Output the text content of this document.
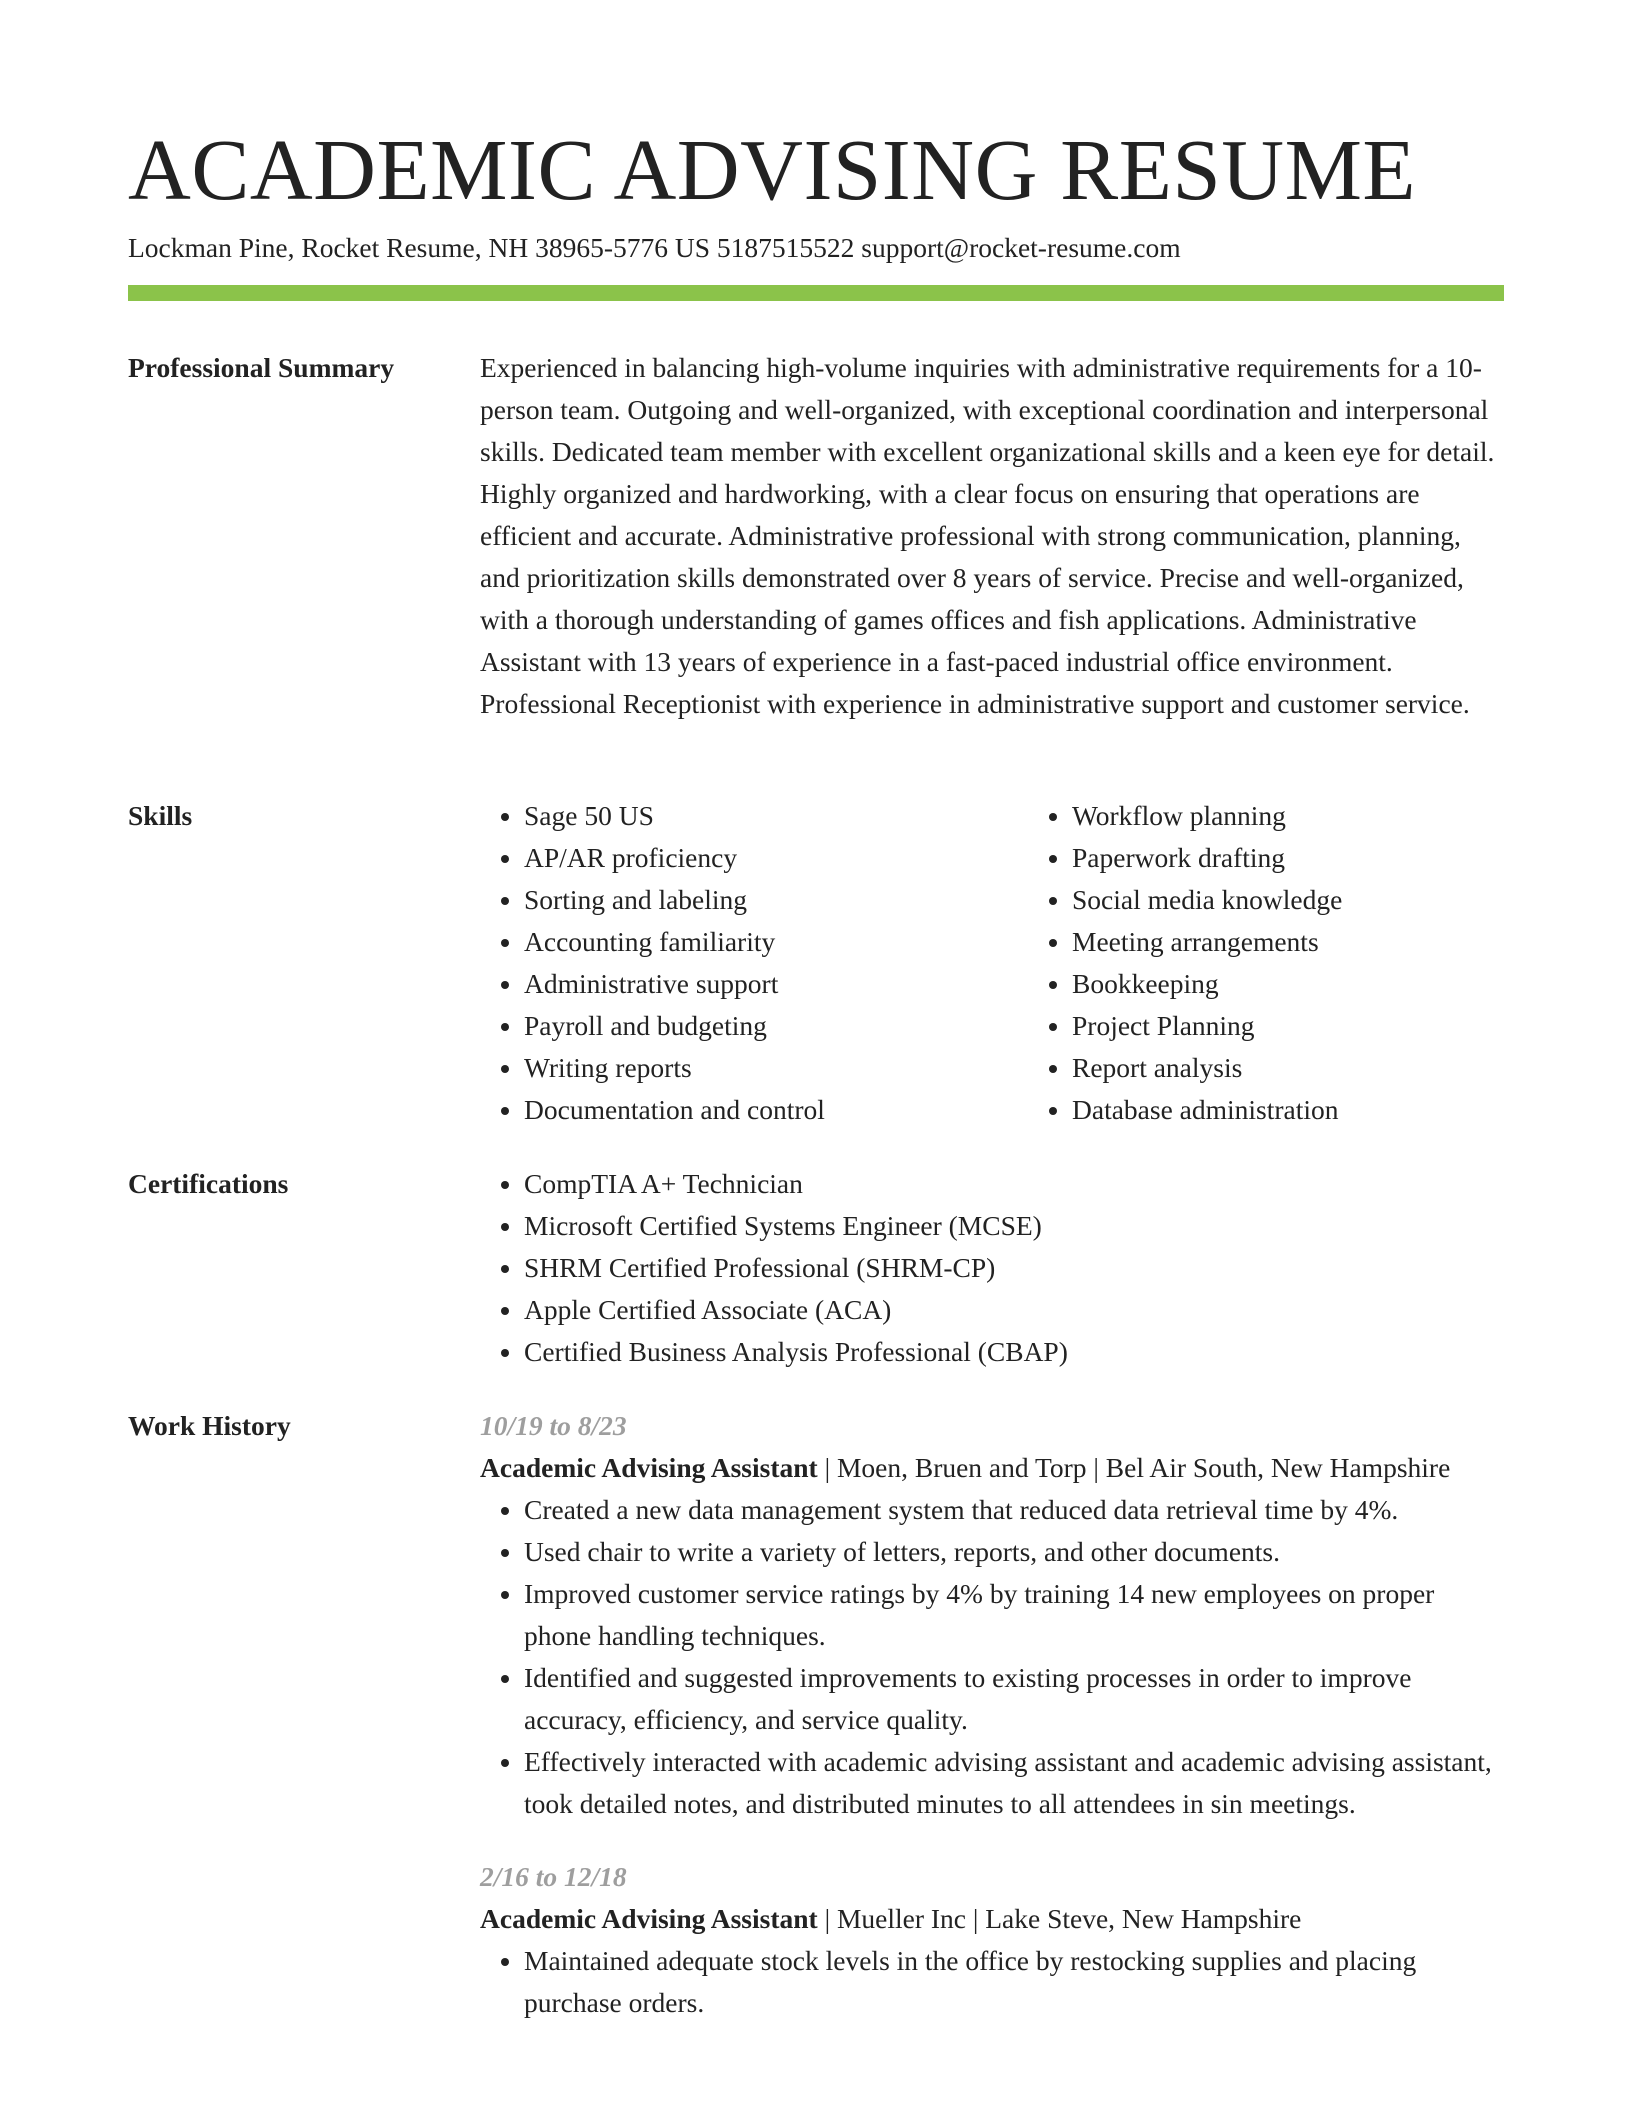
ACADEMIC ADVISING RESUME
Lockman Pine, Rocket Resume, NH 38965-5776 US 5187515522 support@rocket-resume.com
Professional Summary	Experienced in balancing high-volume inquiries with administrative requirements for a 10-person team. Outgoing and well-organized, with exceptional coordination and interpersonal skills. Dedicated team member with excellent organizational skills and a keen eye for detail. Highly organized and hardworking, with a clear focus on ensuring that operations are efficient and accurate. Administrative professional with strong communication, planning, and prioritization skills demonstrated over 8 years of service. Precise and well-organized, with a thorough understanding of games offices and fish applications. Administrative Assistant with 13 years of experience in a fast-paced industrial office environment. Professional Receptionist with experience in administrative support and customer service.

Skills	• Sage 50 US
• AP/AR proficiency
• Sorting and labeling
• Accounting familiarity
• Administrative support
• Payroll and budgeting
• Writing reports
• Documentation and control
• Workflow planning
• Paperwork drafting
• Social media knowledge
• Meeting arrangements
• Bookkeeping
• Project Planning
• Report analysis
• Database administration
Certifications	• CompTIA A+ Technician
• Microsoft Certified Systems Engineer (MCSE)
• SHRM Certified Professional (SHRM-CP)
• Apple Certified Associate (ACA)
• Certified Business Analysis Professional (CBAP)
Work History	10/19 to 8/23
Academic Advising Assistant | Moen, Bruen and Torp | Bel Air South, New Hampshire
• Created a new data management system that reduced data retrieval time by 4%.
• Used chair to write a variety of letters, reports, and other documents.
• Improved customer service ratings by 4% by training 14 new employees on proper phone handling techniques.
• Identified and suggested improvements to existing processes in order to improve accuracy, efficiency, and service quality.
• Effectively interacted with academic advising assistant and academic advising assistant, took detailed notes, and distributed minutes to all attendees in sin meetings.
2/16 to 12/18
Academic Advising Assistant | Mueller Inc | Lake Steve, New Hampshire
• Maintained adequate stock levels in the office by restocking supplies and placing purchase orders.
